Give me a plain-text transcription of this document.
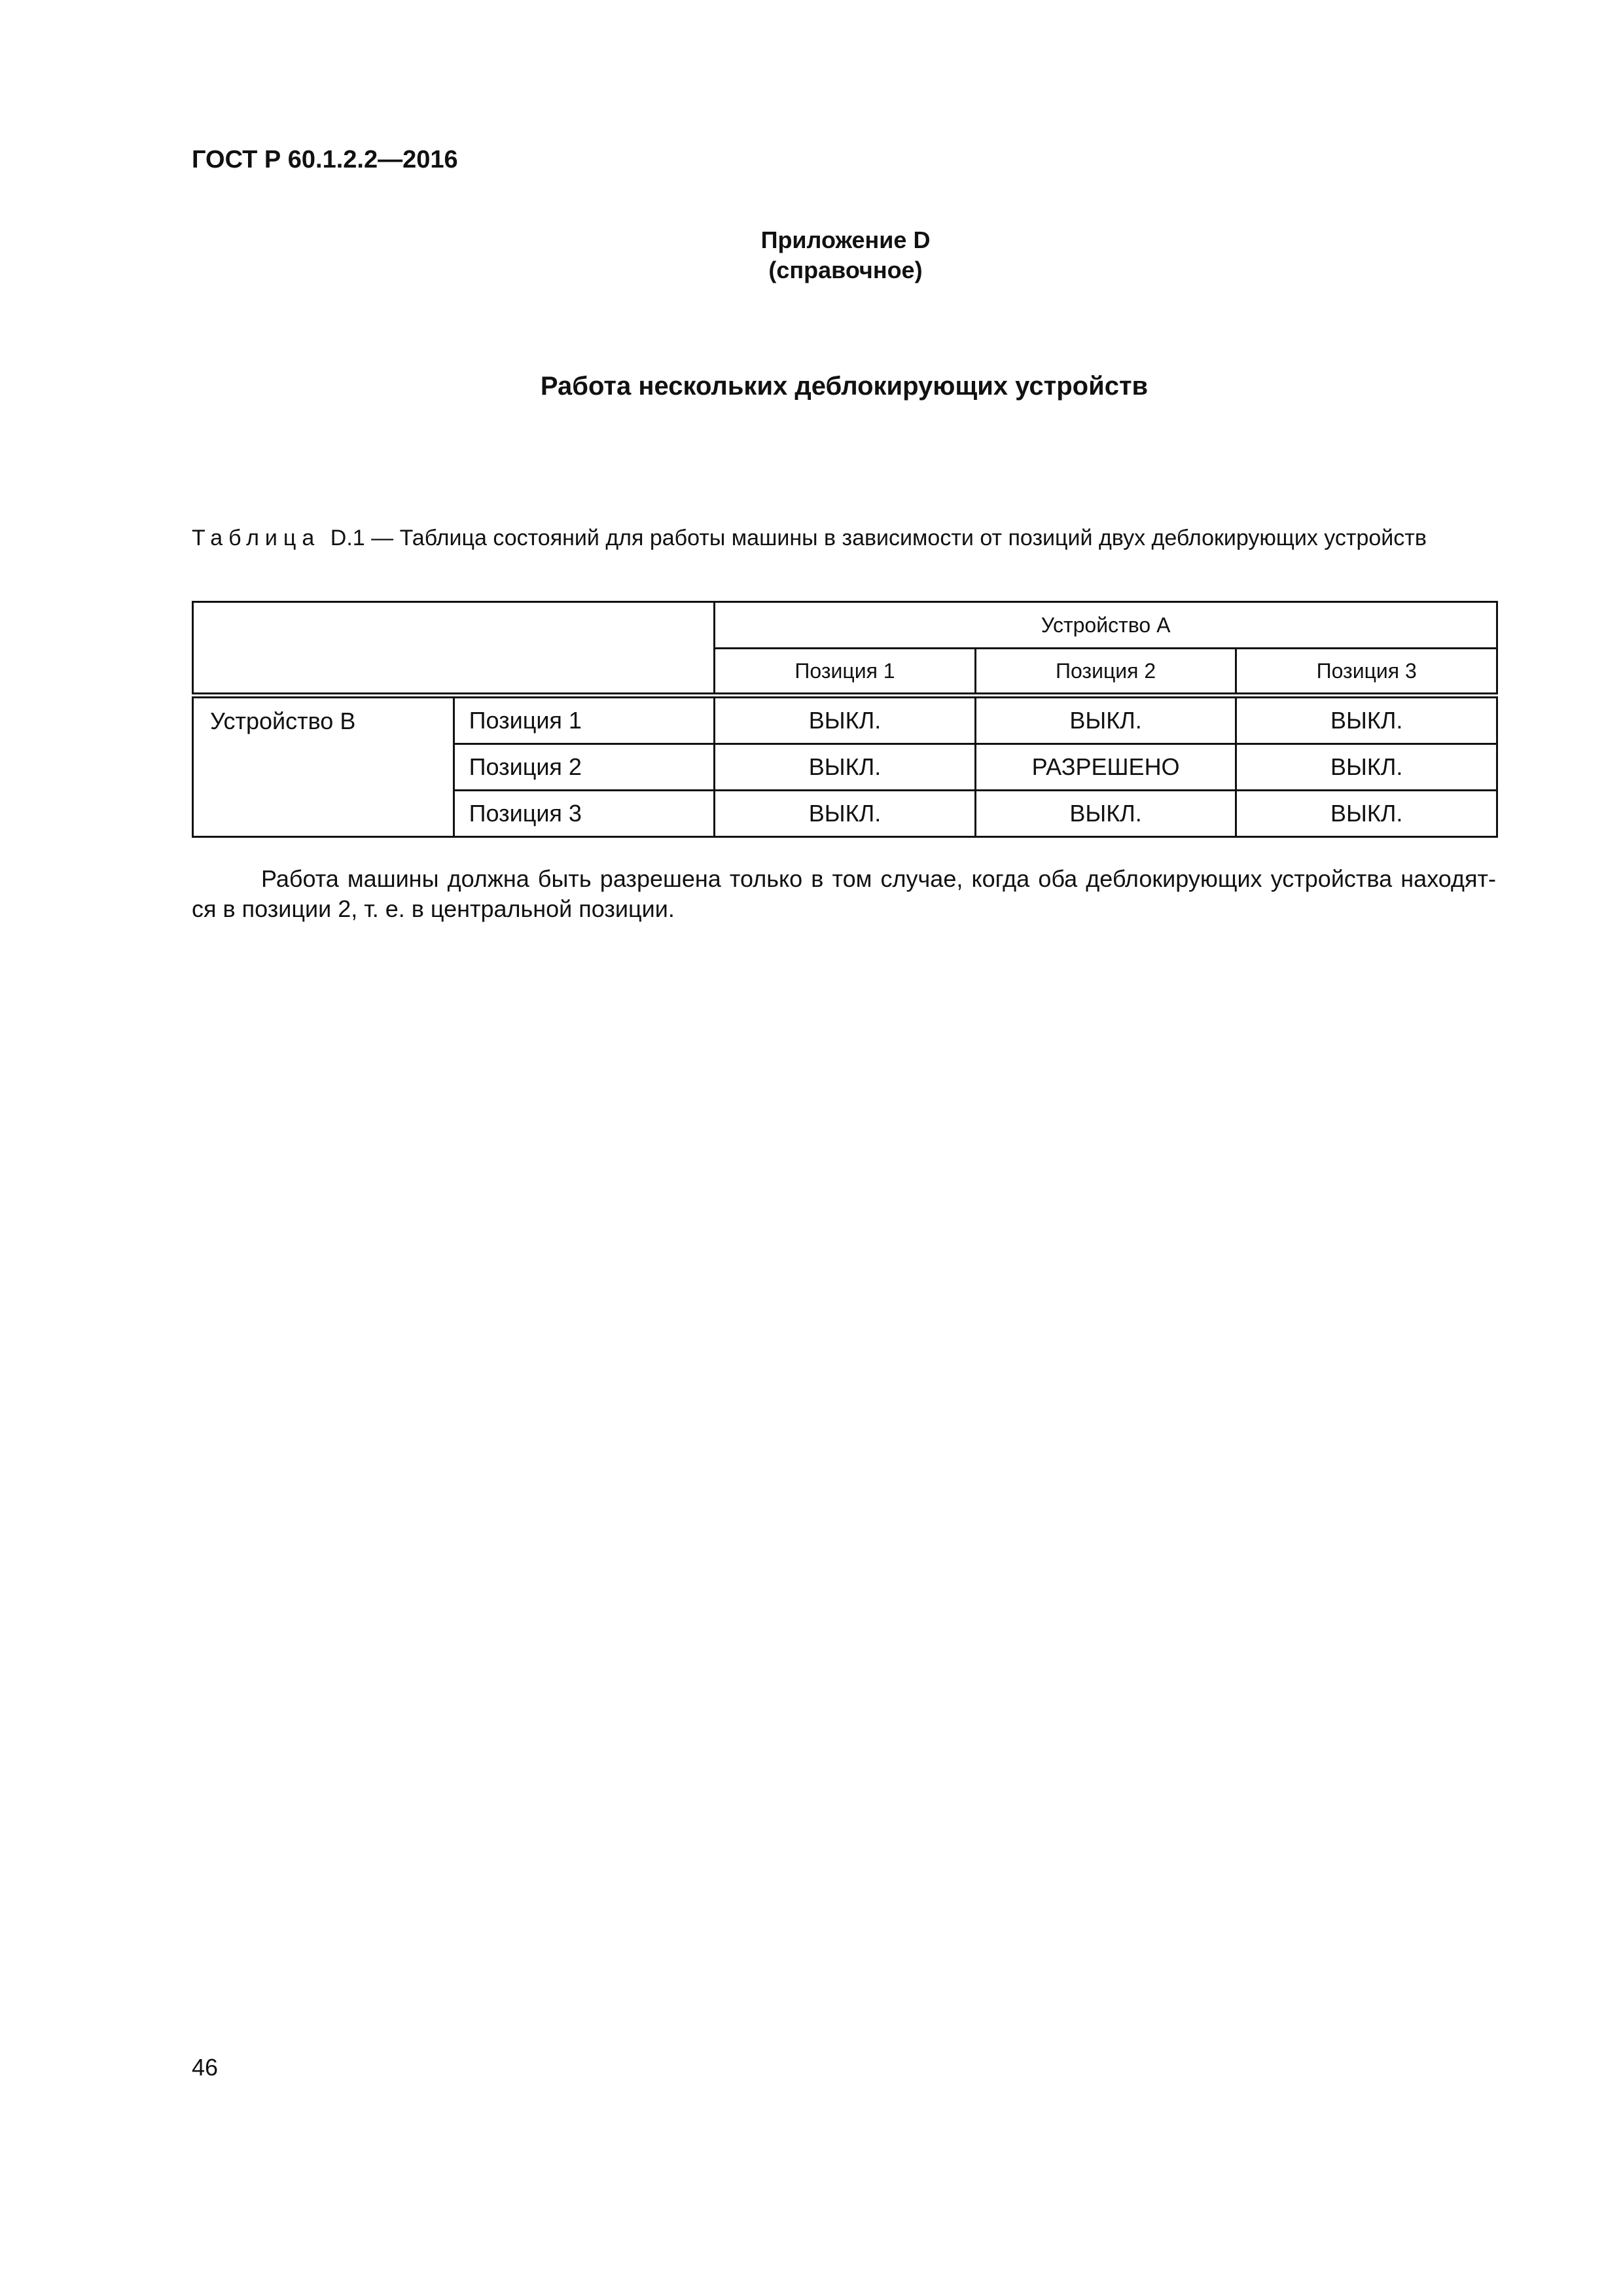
ГОСТ Р 60.1.2.2—2016
Приложение D
(справочное)
Работа нескольких деблокирующих устройств
Таблица D.1 — Таблица состояний для работы машины в зависимости от позиций двух деблокирующих устройств
		Устройство А		
		Позиция 1	Позиция 2	Позиция 3
Устройство В	Позиция 1	ВЫКЛ.	ВЫКЛ.	ВЫКЛ.
	Позиция 2	ВЫКЛ.	РАЗРЕШЕНО	ВЫКЛ.
	Позиция 3	ВЫКЛ.	ВЫКЛ.	ВЫКЛ.
Работа машины должна быть разрешена только в том случае, когда оба деблокирующих устройства находят- ся в позиции 2, т. е. в центральной позиции.
46
